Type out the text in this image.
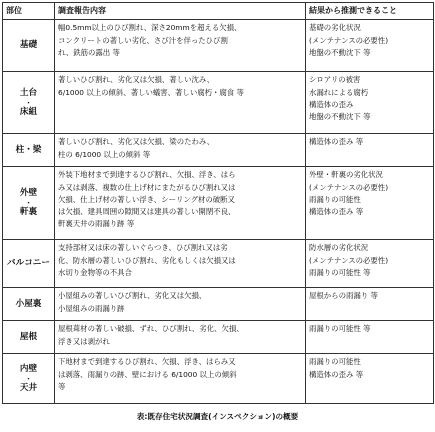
部位	調査報告内容	結果から推測できること

基礎	幅0.5mm以上のひび割れ、深さ20mmを超える欠損、
コンクリートの著しい劣化、さび汁を伴ったひび割
れ、鉄筋の露出 等	基礎の劣化状況
(メンテナンスの必要性)
地盤の不動沈下 等

土台
・
床組	著しいひび割れ、劣化又は欠損、著しい沈み、
6/1000 以上の傾斜、著しい蟻害、著しい腐朽・腐食 等	シロアリの被害
水漏れによる腐朽
構造体の歪み
地盤の不動沈下 等

柱・梁	著しいひび割れ、劣化又は欠損、梁のたわみ、
柱の 6/1000 以上の傾斜 等	構造体の歪み 等

外壁
・
軒裏	外装下地材まで到達するひび割れ、欠損、浮き、はら
み又は剥落、複数の仕上げ材にまたがるひび割れ又は
欠損、仕上げ材の著しい浮き、シーリング材の破断又
は欠損、建具周囲の隙間又は建具の著しい開閉不良、
軒裏天井の雨漏り跡 等	外壁・軒裏の劣化状況
(メンテナンスの必要性)
雨漏りの可能性
構造体の歪み 等

バルコニー	支持部材又は床の著しいぐらつき、ひび割れ又は劣
化、防水層の著しいひび割れ、劣化もしくは欠損又は
水切り金物等の不具合	防水層の劣化状況
(メンテナンスの必要性)
雨漏りの可能性 等

小屋裏	小屋組みの著しいひび割れ、劣化又は欠損、
小屋組みの雨漏り跡	屋根からの雨漏り 等

屋根	屋根葺材の著しい破損、ずれ、ひび割れ、劣化、欠損、
浮き又は剥がれ	雨漏りの可能性 等

内壁
・
天井	下地材まで到達するひび割れ、欠損、浮き、はらみ又
は剥落、雨漏りの跡、壁における 6/1000 以上の傾斜
等	雨漏りの可能性
構造体の歪み 等
表:既存住宅状況調査(インスペクション)の概要
